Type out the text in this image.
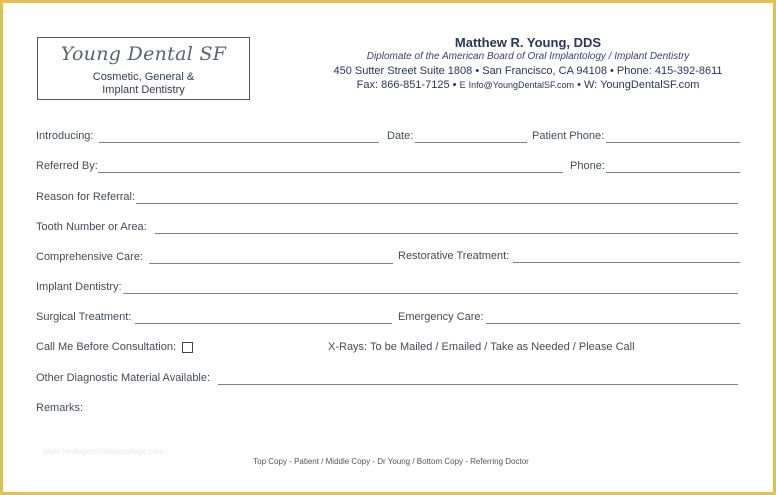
Young Dental SF
Cosmetic, General &
Implant Dentistry
Matthew R. Young, DDS
Diplomate of the American Board of Oral Implantology / Implant Dentistry
450 Sutter Street Suite 1808 • San Francisco, CA 94108 • Phone: 415-392-8611
Fax: 866-851-7125 • E Info@YoungDentalSF.com • W: YoungDentalSF.com
Introducing:	Date:	Patient Phone:
Referred By:	Phone:
Reason for Referral:
Tooth Number or Area:
Comprehensive Care:	Restorative Treatment:
Implant Dentistry:
Surgical Treatment:	Emergency Care:
Call Me Before Consultation:	X-Rays: To be Mailed / Emailed / Take as Needed / Please Call
Other Diagnostic Material Available:
Remarks:
www.heritagechristiancollege.com
Top Copy - Patient / Middle Copy - Dr Young / Bottom Copy - Referring Doctor
